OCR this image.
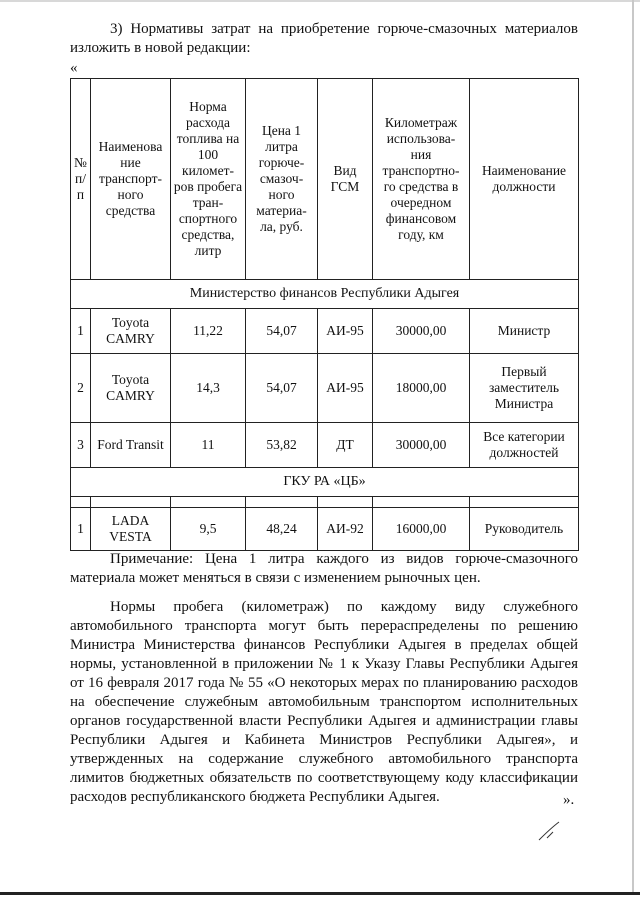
3) Нормативы затрат на приобретение горюче-смазочных материалов изложить в новой редакции:

«
№ п/п	Наименова ние транспорт- ного средства	Норма расхода топлива на 100 километ- ров пробега тран- спортного средства, литр	Цена 1 литра горюче- смазоч- ного материа- ла, руб.	Вид ГСМ	Километраж использова- ния транспортно- го средства в очередном финансовом году, км	Наименование должности
Министерство финансов Республики Адыгея						
1	Toyota CAMRY	11,22	54,07	АИ-95	30000,00	Министр
2	Toyota CAMRY	14,3	54,07	АИ-95	18000,00	Первый заместитель Министра
3	Ford Transit	11	53,82	ДТ	30000,00	Все категории должностей
ГКУ РА «ЦБ»						

1	LADA VESTA	9,5	48,24	АИ-92	16000,00	Руководитель

Примечание: Цена 1 литра каждого из видов горюче-смазочного материала может меняться в связи с изменением рыночных цен.

Нормы пробега (километраж) по каждому виду служебного автомобильного транспорта могут быть перераспределены по решению Министра Министерства финансов Республики Адыгея в пределах общей нормы, установленной в приложении № 1 к Указу Главы Республики Адыгея от 16 февраля 2017 года № 55 «О некоторых мерах по планированию расходов на обеспечение служебным автомобильным транспортом исполнительных органов государственной власти Республики Адыгея и администрации главы Республики Адыгея и Кабинета Министров Республики Адыгея», и утвержденных на содержание служебного автомобильного транспорта лимитов бюджетных обязательств по соответствующему коду классификации расходов республиканского бюджета Республики Адыгея.	».
